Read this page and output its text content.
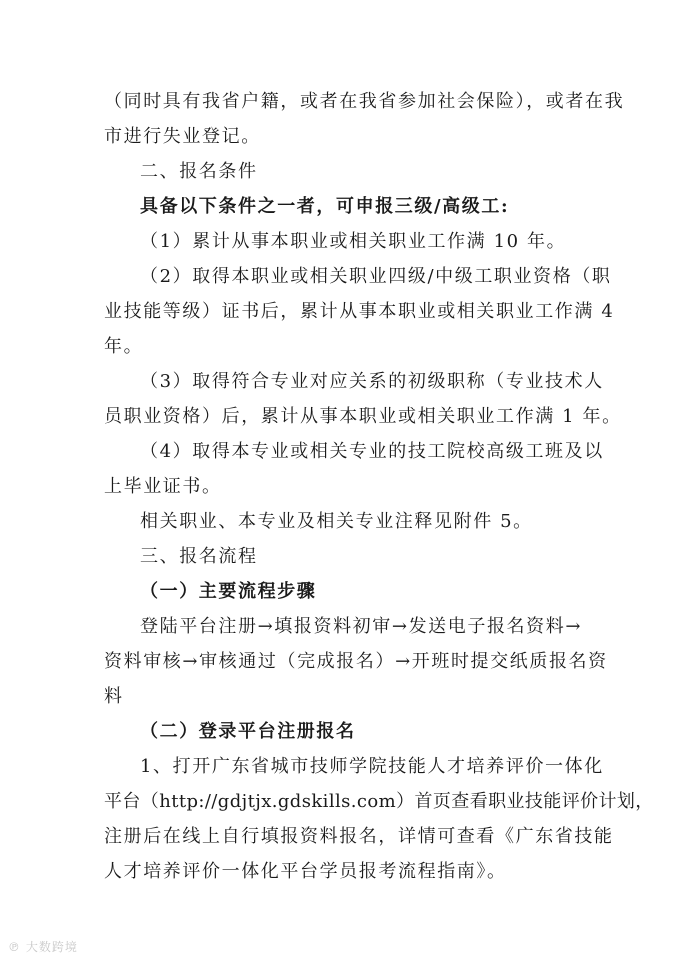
（同时具有我省户籍，或者在我省参加社会保险），或者在我
市进行失业登记。
二、报名条件
具备以下条件之一者，可申报三级/高级工:
（1）累计从事本职业或相关职业工作满 10 年。
（2）取得本职业或相关职业四级/中级工职业资格（职
业技能等级）证书后，累计从事本职业或相关职业工作满 4
年。
（3）取得符合专业对应关系的初级职称（专业技术人
员职业资格）后，累计从事本职业或相关职业工作满 1 年。
（4）取得本专业或相关专业的技工院校高级工班及以
上毕业证书。
相关职业、本专业及相关专业注释见附件 5。
三、报名流程
（一）主要流程步骤
登陆平台注册→填报资料初审→发送电子报名资料→
资料审核→审核通过（完成报名）→开班时提交纸质报名资
料
（二）登录平台注册报名
1、打开广东省城市技师学院技能人才培养评价一体化
平台（http://gdjtjx.gdskills.com）首页查看职业技能评价计划，
注册后在线上自行填报资料报名，详情可查看《广东省技能
人才培养评价一体化平台学员报考流程指南》。
℗ 大数跨境
